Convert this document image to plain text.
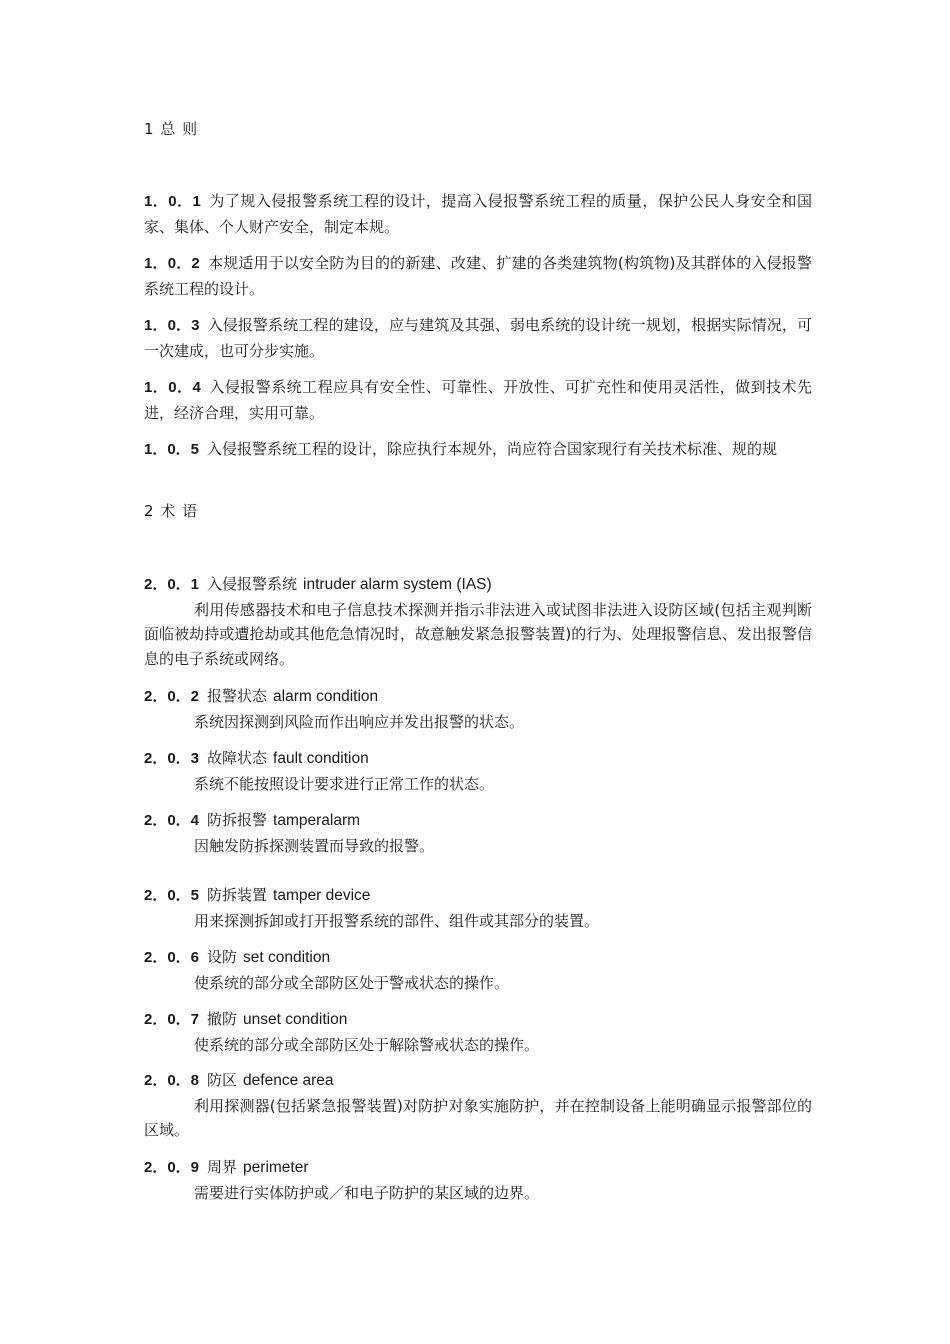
1 总 则
1．0．1 为了规入侵报警系统工程的设计，提高入侵报警系统工程的质量，保护公民人身安全和国家、集体、个人财产安全，制定本规。
1．0．2 本规适用于以安全防为目的的新建、改建、扩建的各类建筑物(构筑物)及其群体的入侵报警系统工程的设计。
1．0．3 入侵报警系统工程的建设，应与建筑及其强、弱电系统的设计统一规划，根据实际情况，可一次建成，也可分步实施。
1．0．4 入侵报警系统工程应具有安全性、可靠性、开放性、可扩充性和使用灵活性，做到技术先进，经济合理，实用可靠。
1．0．5 入侵报警系统工程的设计，除应执行本规外，尚应符合国家现行有关技术标准、规的规
2 术 语
2．0．1 入侵报警系统 intruder alarm system (IAS)
利用传感器技术和电子信息技术探测并指示非法进入或试图非法进入设防区域(包括主观判断面临被劫持或遭抢劫或其他危急情况时，故意触发紧急报警装置)的行为、处理报警信息、发出报警信息的电子系统或网络。
2．0．2 报警状态 alarm condition
系统因探测到风险而作出响应并发出报警的状态。
2．0．3 故障状态 fault condition
系统不能按照设计要求进行正常工作的状态。
2．0．4 防拆报警 tamperalarm
因触发防拆探测装置而导致的报警。
2．0．5 防拆装置 tamper device
用来探测拆卸或打开报警系统的部件、组件或其部分的装置。
2．0．6 设防 set condition
使系统的部分或全部防区处于警戒状态的操作。
2．0．7 撤防 unset condition
使系统的部分或全部防区处于解除警戒状态的操作。
2．0．8 防区 defence area
利用探测器(包括紧急报警装置)对防护对象实施防护，并在控制设备上能明确显示报警部位的区域。
2．0．9 周界 perimeter
需要进行实体防护或／和电子防护的某区域的边界。
